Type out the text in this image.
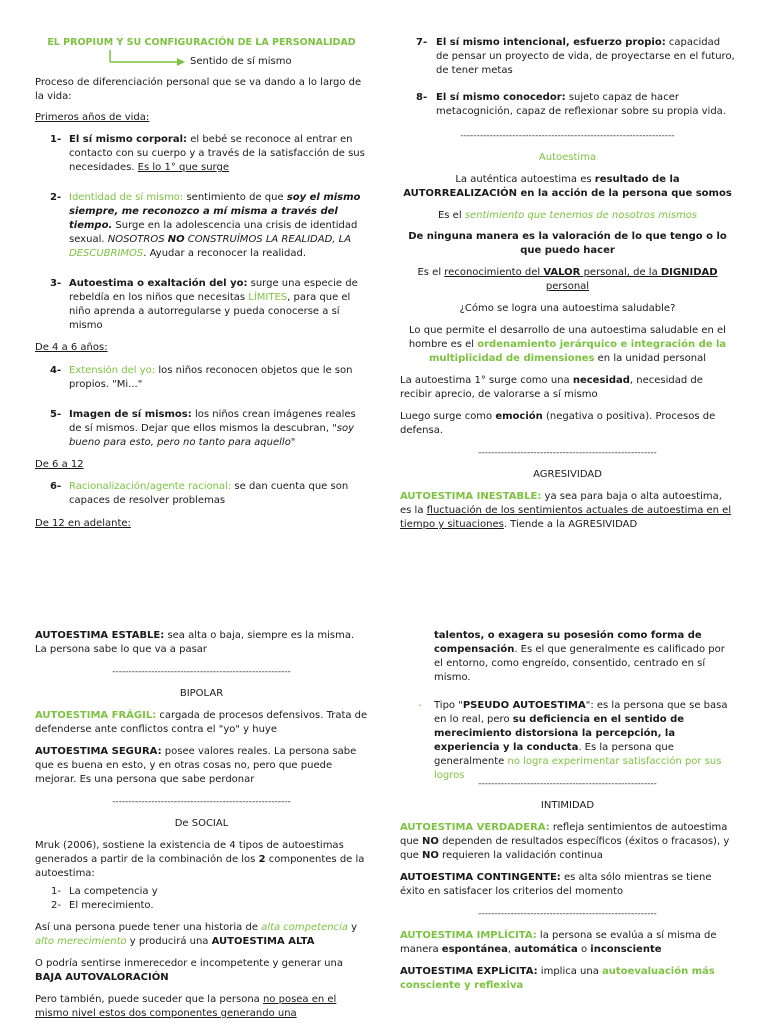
EL PROPIUM Y SU CONFIGURACIÓN DE LA PERSONALIDAD

Sentido de sí mismo

Proceso de diferenciación personal que se va dando a lo largo de la vida:

Primeros años de vida:

1- El sí mismo corporal: el bebé se reconoce al entrar en contacto con su cuerpo y a través de la satisfacción de sus necesidades. Es lo 1° que surge
2- Identidad de sí mismo: sentimiento de que soy el mismo siempre, me reconozco a mí misma a través del tiempo. Surge en la adolescencia una crisis de identidad sexual. NOSOTROS NO CONSTRUÍMOS LA REALIDAD, LA DESCUBRIMOS. Ayudar a reconocer la realidad.
3- Autoestima o exaltación del yo: surge una especie de rebeldía en los niños que necesitas LÍMITES, para que el niño aprenda a autorregularse y pueda conocerse a sí mismo

De 4 a 6 años:

4- Extensión del yo: los niños reconocen objetos que le son propios. "Mi..."
5- Imagen de sí mismos: los niños crean imágenes reales de sí mismos. Dejar que ellos mismos la descubran, "soy bueno para esto, pero no tanto para aquello"

De 6 a 12

6- Racionalización/agente racional: se dan cuenta que son capaces de resolver problemas

De 12 en adelante:

7- El sí mismo intencional, esfuerzo propio: capacidad de pensar un proyecto de vida, de proyectarse en el futuro, de tener metas
8- El sí mismo conocedor: sujeto capaz de hacer metacognición, capaz de reflexionar sobre su propia vida.

------------------------------------------------------------------

Autoestima

La auténtica autoestima es resultado de la AUTORREALIZACIÓN en la acción de la persona que somos

Es el sentimiento que tenemos de nosotros mismos

De ninguna manera es la valoración de lo que tengo o lo que puedo hacer

Es el reconocimiento del VALOR personal, de la DIGNIDAD personal

¿Cómo se logra una autoestima saludable?

Lo que permite el desarrollo de una autoestima saludable en el hombre es el ordenamiento jerárquico e integración de la multiplicidad de dimensiones en la unidad personal

La autoestima 1° surge como una necesidad, necesidad de recibir aprecio, de valorarse a sí mismo

Luego surge como emoción (negativa o positiva). Procesos de defensa.

-------------------------------------------------------

AGRESIVIDAD

AUTOESTIMA INESTABLE: ya sea para baja o alta autoestima, es la fluctuación de los sentimientos actuales de autoestima en el tiempo y situaciones. Tiende a la AGRESIVIDAD

AUTOESTIMA ESTABLE: sea alta o baja, siempre es la misma. La persona sabe lo que va a pasar

-------------------------------------------------------

BIPOLAR

AUTOESTIMA FRÁGIL: cargada de procesos defensivos. Trata de defenderse ante conflictos contra el "yo" y huye

AUTOESTIMA SEGURA: posee valores reales. La persona sabe que es buena en esto, y en otras cosas no, pero que puede mejorar. Es una persona que sabe perdonar

-------------------------------------------------------

De SOCIAL

Mruk (2006), sostiene la existencia de 4 tipos de autoestimas generados a partir de la combinación de los 2 componentes de la autoestima:

1- La competencia y
2- El merecimiento.

Así una persona puede tener una historia de alta competencia y alto merecimiento y producirá una AUTOESTIMA ALTA

O podría sentirse inmerecedor e incompetente y generar una BAJA AUTOVALORACIÓN

Pero también, puede suceder que la persona no posea en el mismo nivel estos dos componentes generando una

talentos, o exagera su posesión como forma de compensación. Es el que generalmente es calificado por el entorno, como engreído, consentido, centrado en sí mismo.

- Tipo "PSEUDO AUTOESTIMA": es la persona que se basa en lo real, pero su deficiencia en el sentido de merecimiento distorsiona la percepción, la experiencia y la conducta. Es la persona que generalmente no logra experimentar satisfacción por sus logros

-------------------------------------------------------

INTIMIDAD

AUTOESTIMA VERDADERA: refleja sentimientos de autoestima que NO dependen de resultados específicos (éxitos o fracasos), y que NO requieren la validación continua

AUTOESTIMA CONTINGENTE: es alta sólo mientras se tiene éxito en satisfacer los criterios del momento

-------------------------------------------------------

AUTOESTIMA IMPLÍCITA: la persona se evalúa a sí misma de manera espontánea, automática o inconsciente

AUTOESTIMA EXPLÍCITA: implica una autoevaluación más consciente y reflexiva
